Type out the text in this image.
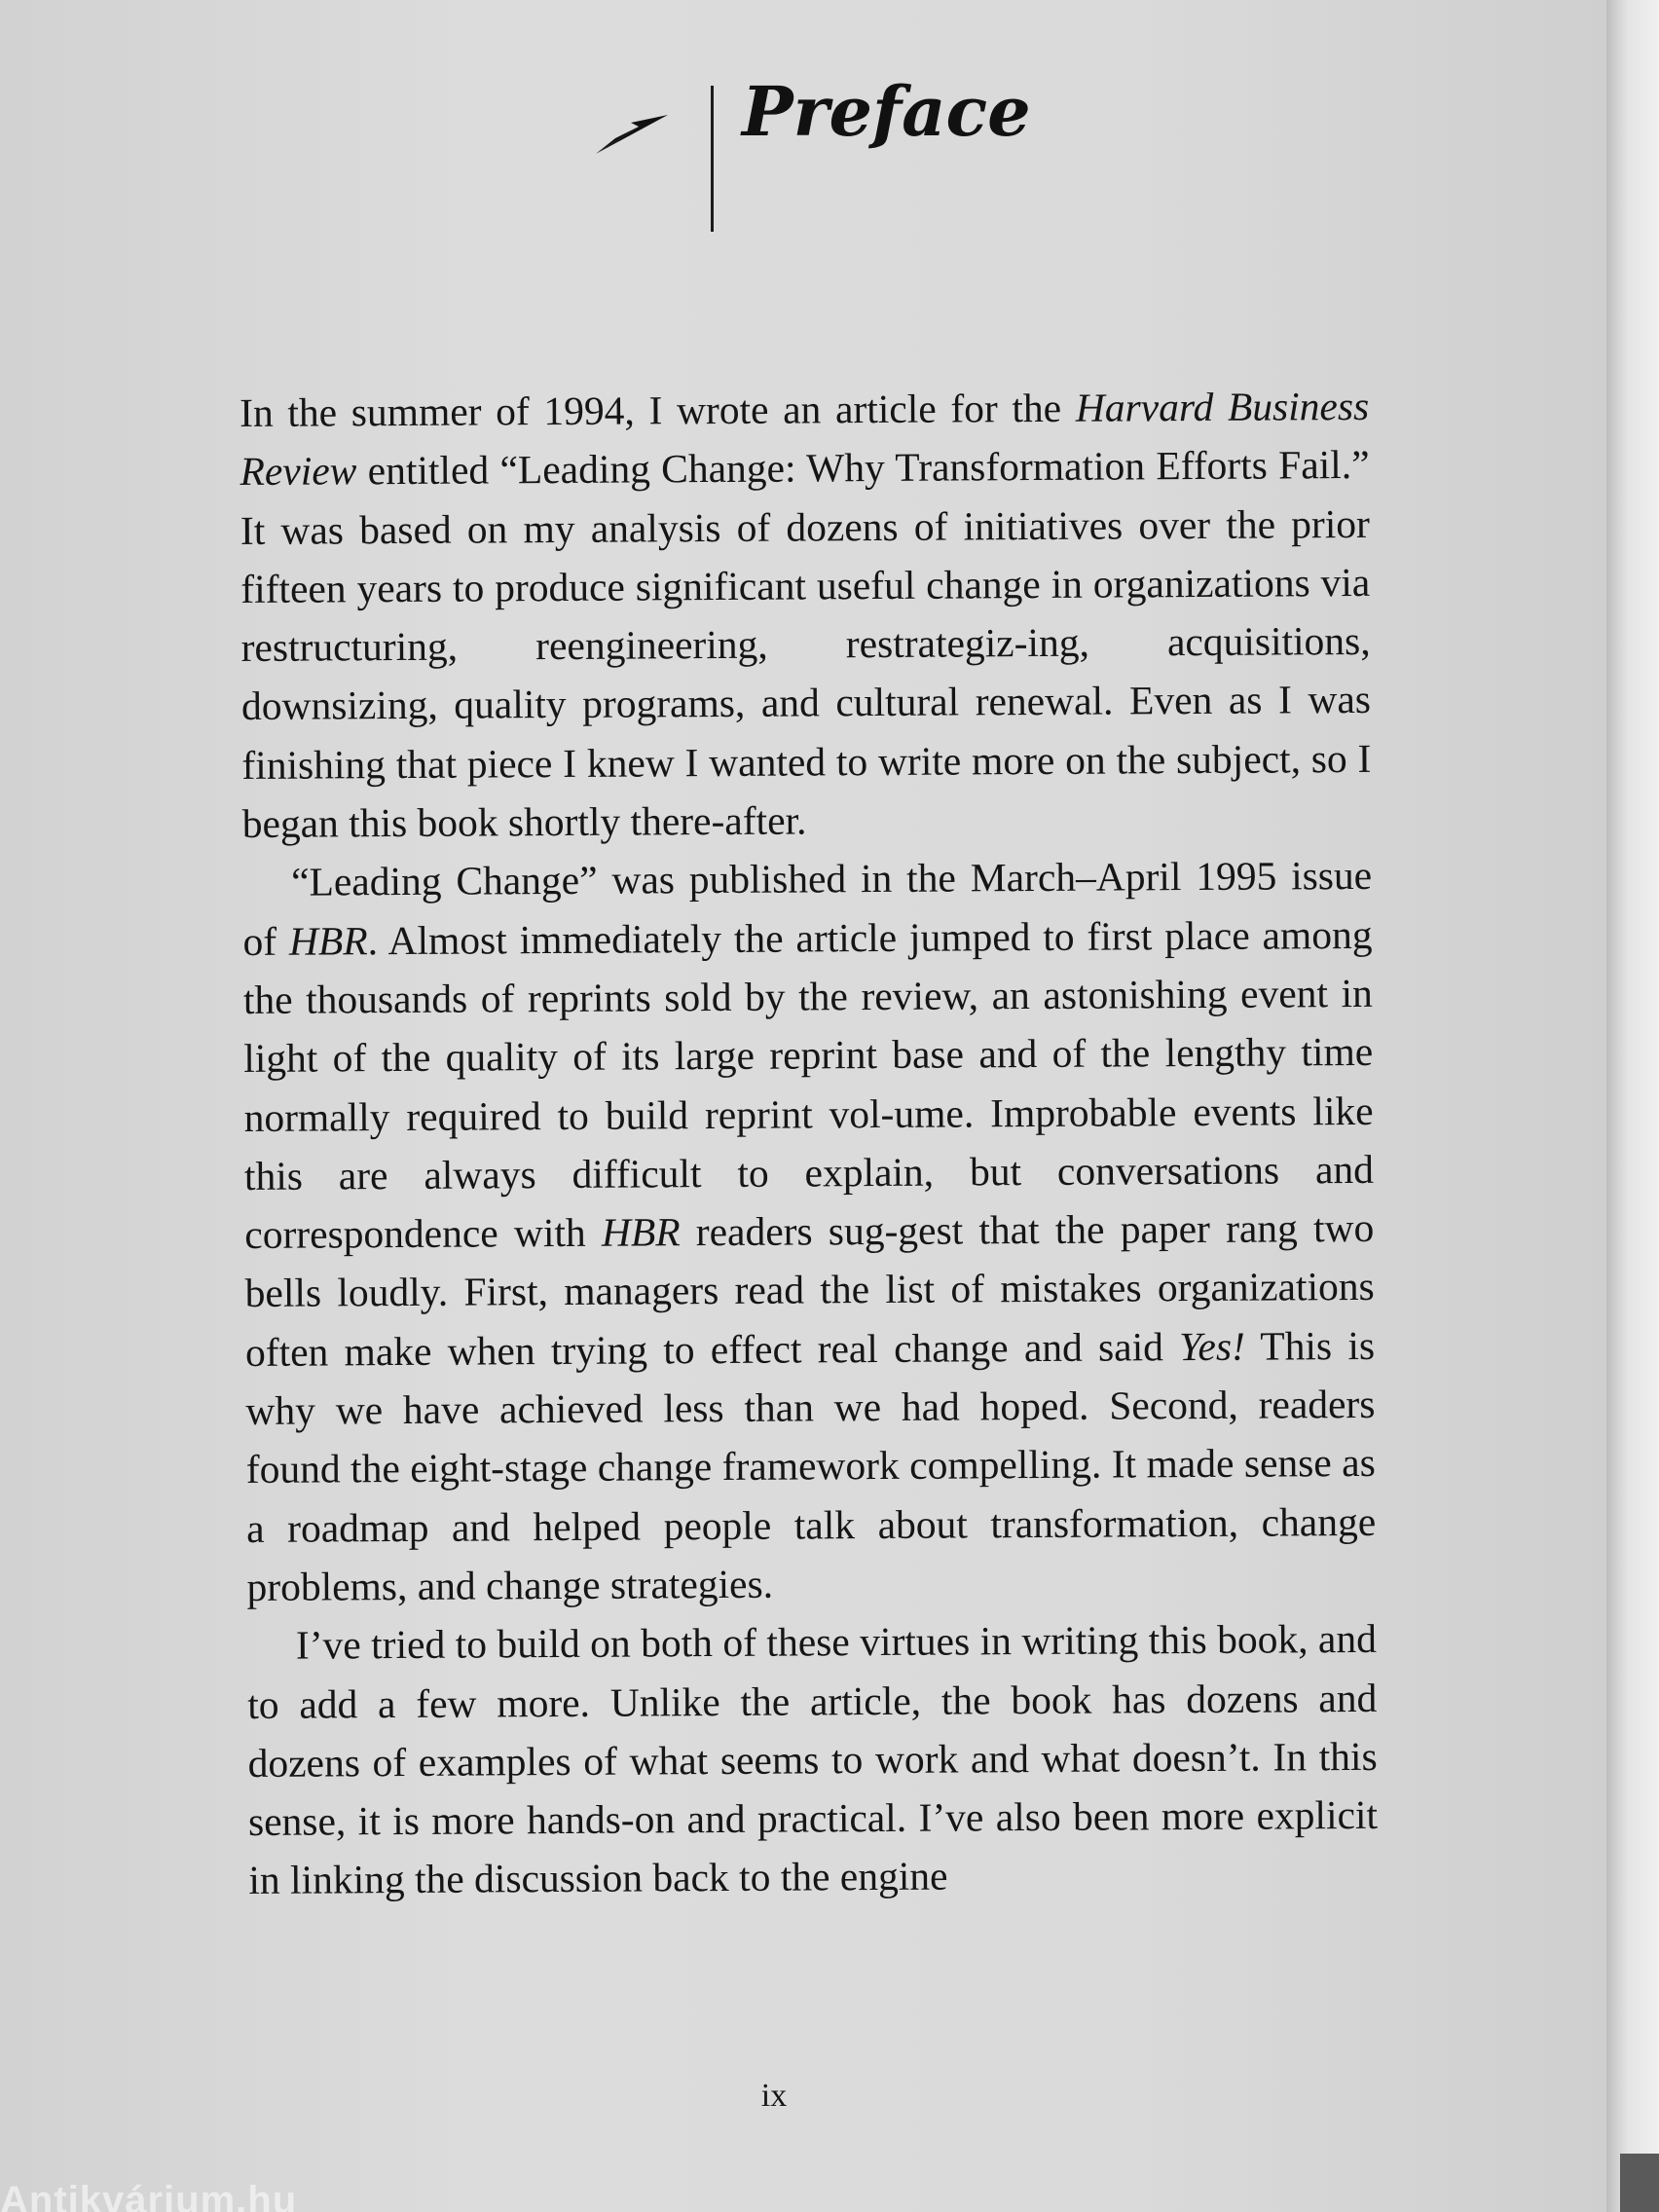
Preface

In the summer of 1994, I wrote an article for the Harvard Business Review entitled “Leading Change: Why Transformation Efforts Fail.” It was based on my analysis of dozens of initiatives over the prior fifteen years to produce significant useful change in organizations via restructuring, reengineering, restrategiz-ing, acquisitions, downsizing, quality programs, and cultural renewal. Even as I was finishing that piece I knew I wanted to write more on the subject, so I began this book shortly there-after.

“Leading Change” was published in the March–April 1995 issue of HBR. Almost immediately the article jumped to first place among the thousands of reprints sold by the review, an astonishing event in light of the quality of its large reprint base and of the lengthy time normally required to build reprint vol-ume. Improbable events like this are always difficult to explain, but conversations and correspondence with HBR readers sug-gest that the paper rang two bells loudly. First, managers read the list of mistakes organizations often make when trying to effect real change and said Yes! This is why we have achieved less than we had hoped. Second, readers found the eight-stage change framework compelling. It made sense as a roadmap and helped people talk about transformation, change problems, and change strategies.

I’ve tried to build on both of these virtues in writing this book, and to add a few more. Unlike the article, the book has dozens and dozens of examples of what seems to work and what doesn’t. In this sense, it is more hands-on and practical. I’ve also been more explicit in linking the discussion back to the engine

ix
Antikvárium.hu
